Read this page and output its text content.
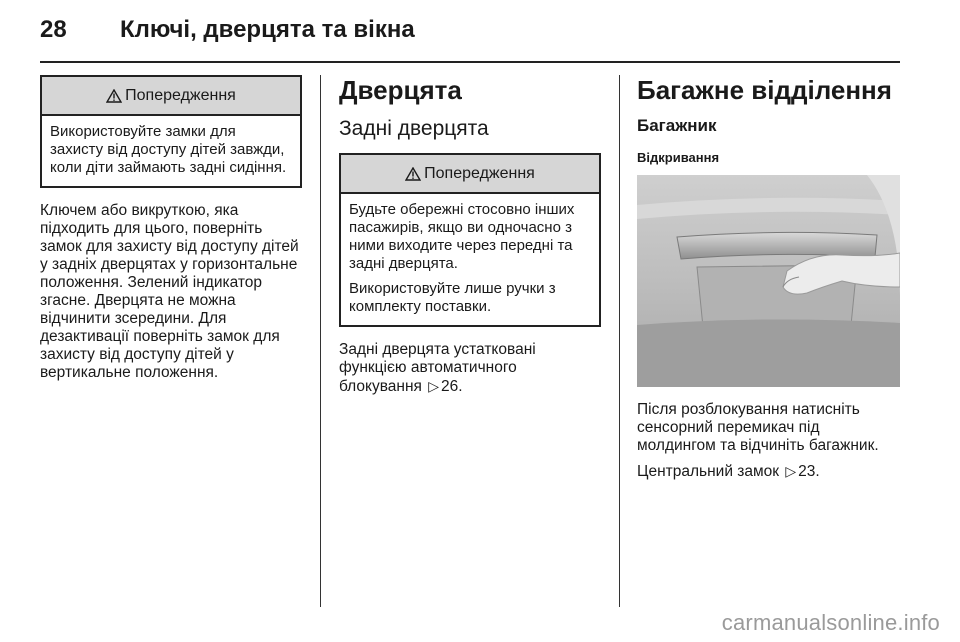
28	Ключі, дверцята та вікна
Попередження

Використовуйте замки для захисту від доступу дітей завжди, коли діти займають задні сидіння.

Ключем або викруткою, яка підходить для цього, поверніть замок для захисту від доступу дітей у задніх дверцятах у горизонтальне положення. Зелений індикатор згасне. Дверцята не можна відчинити зсередини. Для дезактивації поверніть замок для захисту від доступу дітей у вертикальне положення.

Дверцята
Задні дверцята
Попередження

Будьте обережні стосовно інших пасажирів, якщо ви одночасно з ними виходите через передні та задні дверцята.

Використовуйте лише ручки з комплекту поставки.

Задні дверцята устатковані функцією автоматичного блокування ▷ 26.

Багажне відділення
Багажник
Відкривання

Після розблокування натисніть сенсорний перемикач під молдингом та відчиніть багажник.

Центральний замок ▷ 23.

carmanualsonline.info
